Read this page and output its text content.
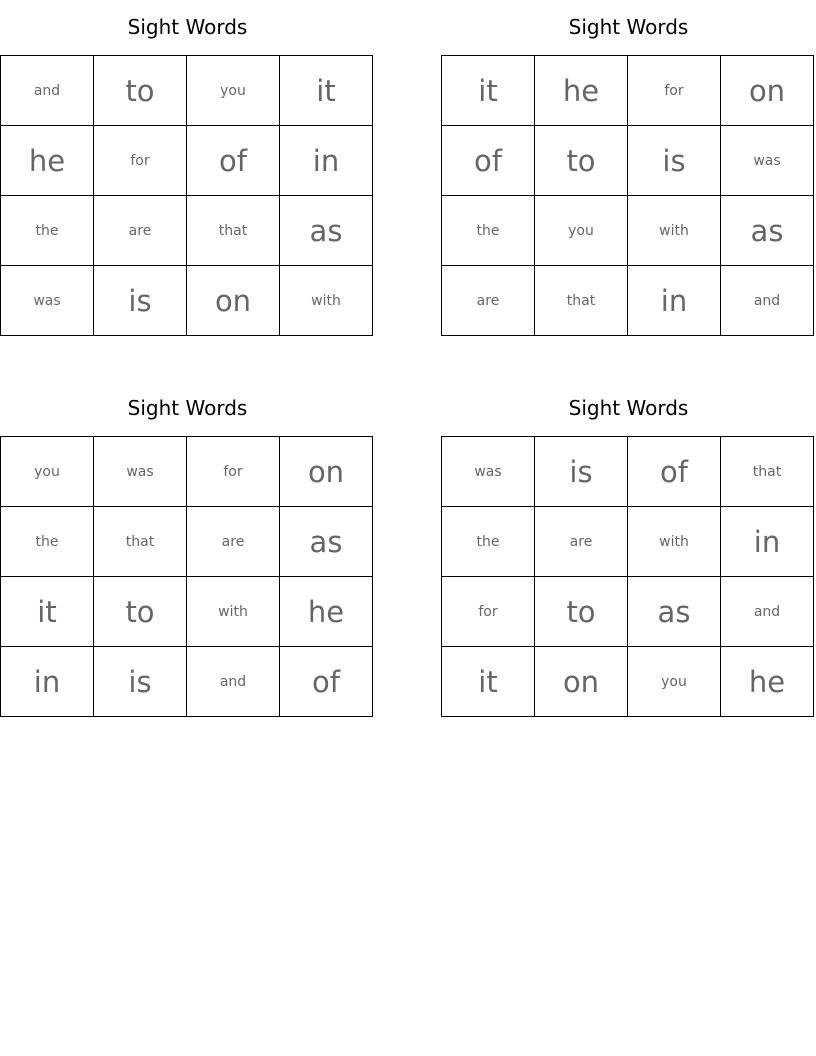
Sight Words
and	to	you	it
he	for	of	in
the	are	that	as
was	is	on	with
Sight Words
it	he	for	on
of	to	is	was
the	you	with	as
are	that	in	and
Sight Words
you	was	for	on
the	that	are	as
it	to	with	he
in	is	and	of
Sight Words
was	is	of	that
the	are	with	in
for	to	as	and
it	on	you	he
